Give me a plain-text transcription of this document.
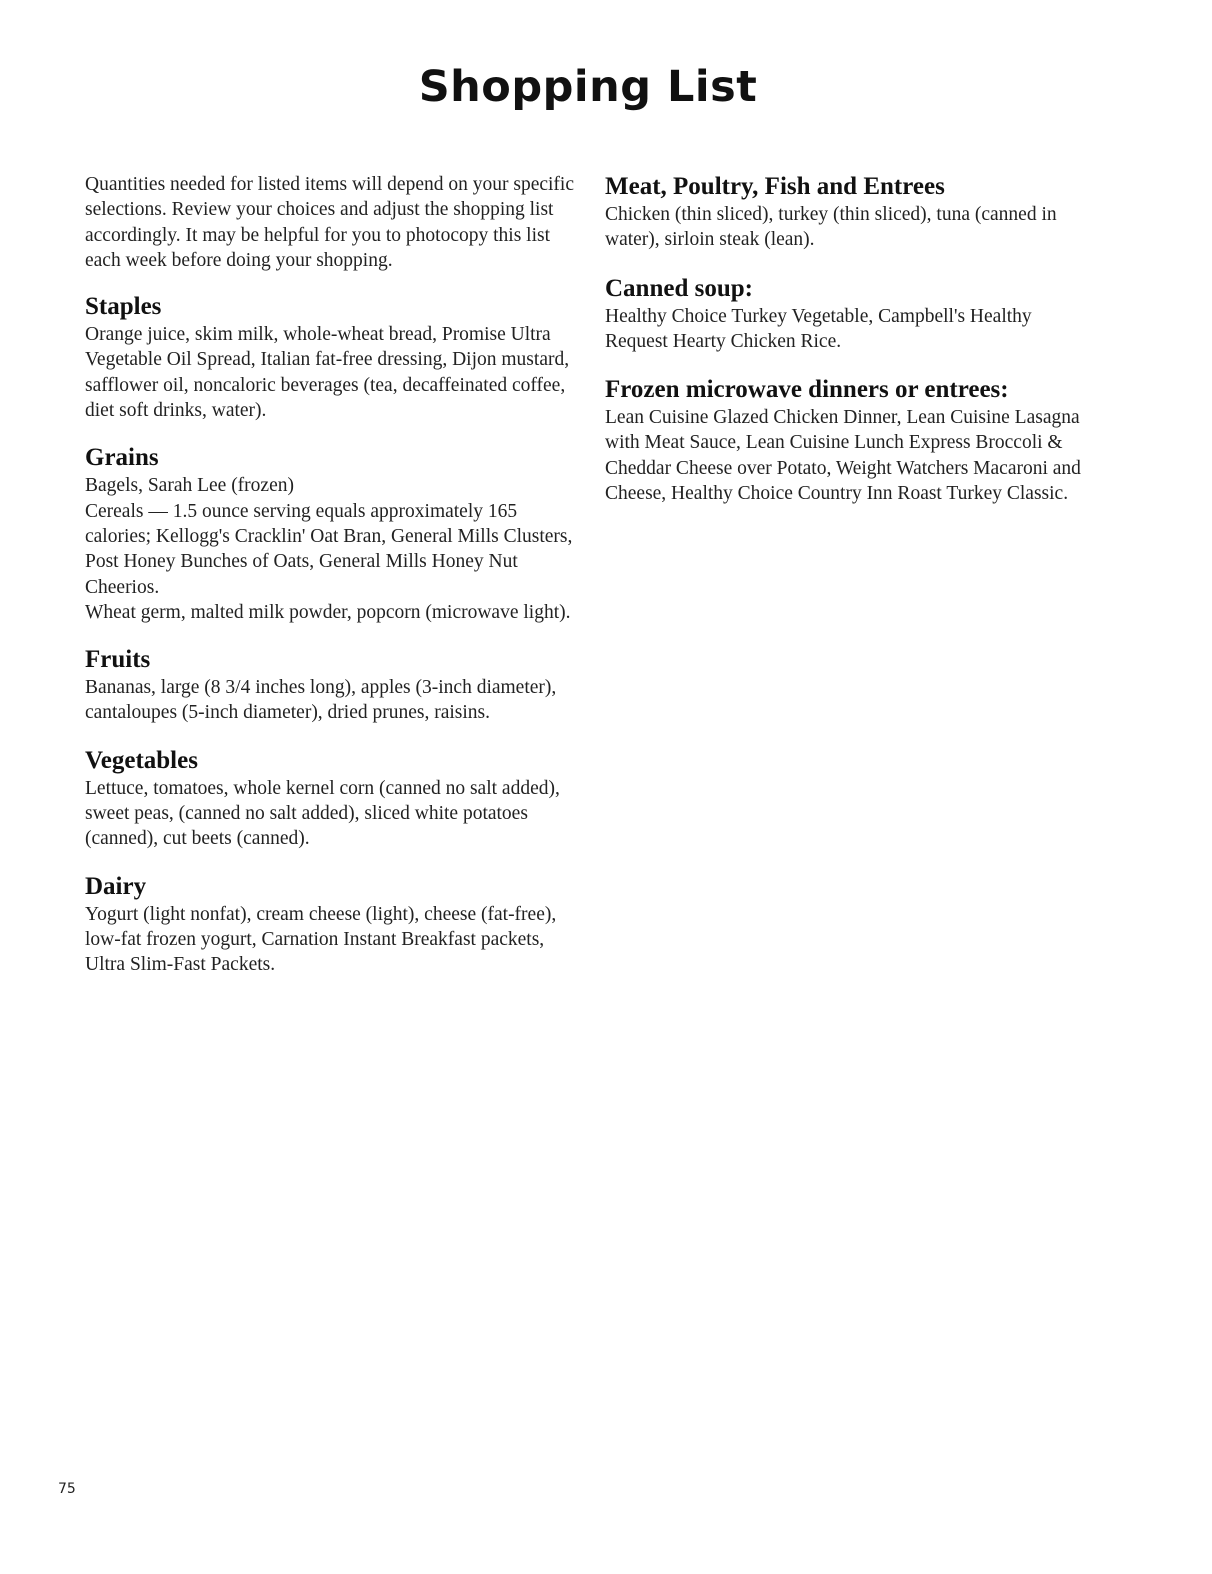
Shopping List

Quantities needed for listed items will depend on your specific selections. Review your choices and adjust the shopping list accordingly. It may be helpful for you to photocopy this list each week before doing your shopping.

Staples

Orange juice, skim milk, whole-wheat bread, Promise Ultra Vegetable Oil Spread, Italian fat-free dressing, Dijon mustard, safflower oil, noncaloric beverages (tea, decaffeinated coffee, diet soft drinks, water).

Grains

Bagels, Sarah Lee (frozen)

Cereals — 1.5 ounce serving equals approximately 165 calories; Kellogg's Cracklin' Oat Bran, General Mills Clusters, Post Honey Bunches of Oats, General Mills Honey Nut Cheerios.

Wheat germ, malted milk powder, popcorn (microwave light).

Fruits

Bananas, large (8 3/4 inches long), apples (3-inch diameter), cantaloupes (5-inch diameter), dried prunes, raisins.

Vegetables

Lettuce, tomatoes, whole kernel corn (canned no salt added), sweet peas, (canned no salt added), sliced white potatoes (canned), cut beets (canned).

Dairy

Yogurt (light nonfat), cream cheese (light), cheese (fat-free), low-fat frozen yogurt, Carnation Instant Breakfast packets, Ultra Slim-Fast Packets.

Meat, Poultry, Fish and Entrees

Chicken (thin sliced), turkey (thin sliced), tuna (canned in water), sirloin steak (lean).

Canned soup:

Healthy Choice Turkey Vegetable, Campbell's Healthy Request Hearty Chicken Rice.

Frozen microwave dinners or entrees:

Lean Cuisine Glazed Chicken Dinner, Lean Cuisine Lasagna with Meat Sauce, Lean Cuisine Lunch Express Broccoli & Cheddar Cheese over Potato, Weight Watchers Macaroni and Cheese, Healthy Choice Country Inn Roast Turkey Classic.

75
